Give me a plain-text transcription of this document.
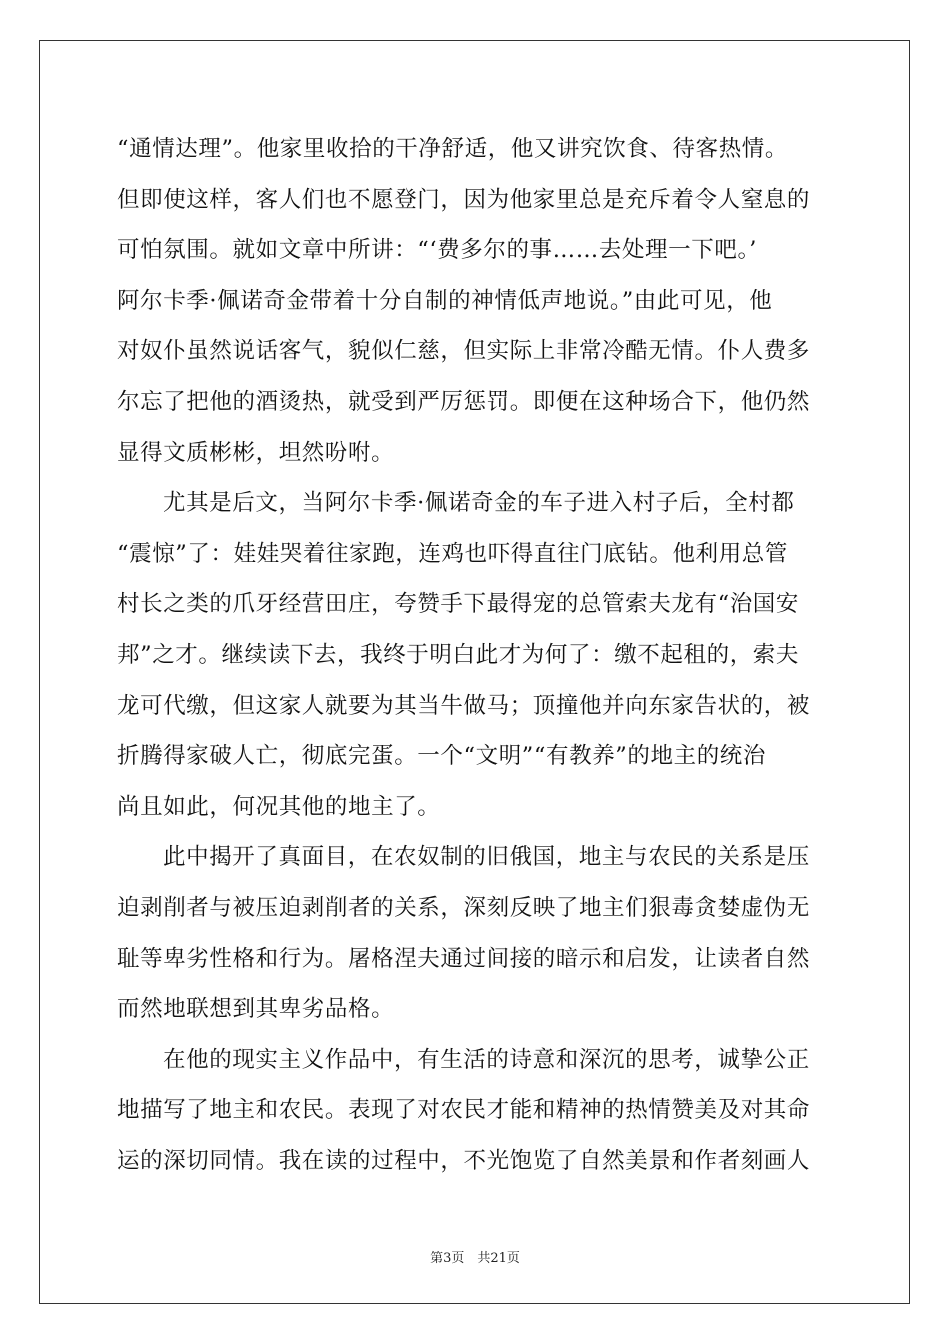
“通情达理”。他家里收拾的干净舒适，他又讲究饮食、待客热情。
但即使这样，客人们也不愿登门，因为他家里总是充斥着令人窒息的
可怕氛围。就如文章中所讲：“‘费多尔的事……去处理一下吧。’
阿尔卡季·佩诺奇金带着十分自制的神情低声地说。”由此可见，他
对奴仆虽然说话客气，貌似仁慈，但实际上非常冷酷无情。仆人费多
尔忘了把他的酒烫热，就受到严厉惩罚。即便在这种场合下，他仍然
显得文质彬彬，坦然吩咐。
尤其是后文，当阿尔卡季·佩诺奇金的车子进入村子后，全村都
“震惊”了：娃娃哭着往家跑，连鸡也吓得直往门底钻。他利用总管
村长之类的爪牙经营田庄，夸赞手下最得宠的总管索夫龙有“治国安
邦”之才。继续读下去，我终于明白此才为何了：缴不起租的，索夫
龙可代缴，但这家人就要为其当牛做马；顶撞他并向东家告状的，被
折腾得家破人亡，彻底完蛋。一个“文明”“有教养”的地主的统治
尚且如此，何况其他的地主了。
此中揭开了真面目，在农奴制的旧俄国，地主与农民的关系是压
迫剥削者与被压迫剥削者的关系，深刻反映了地主们狠毒贪婪虚伪无
耻等卑劣性格和行为。屠格涅夫通过间接的暗示和启发，让读者自然
而然地联想到其卑劣品格。
在他的现实主义作品中，有生活的诗意和深沉的思考，诚挚公正
地描写了地主和农民。表现了对农民才能和精神的热情赞美及对其命
运的深切同情。我在读的过程中，不光饱览了自然美景和作者刻画人
第3页　共21页
